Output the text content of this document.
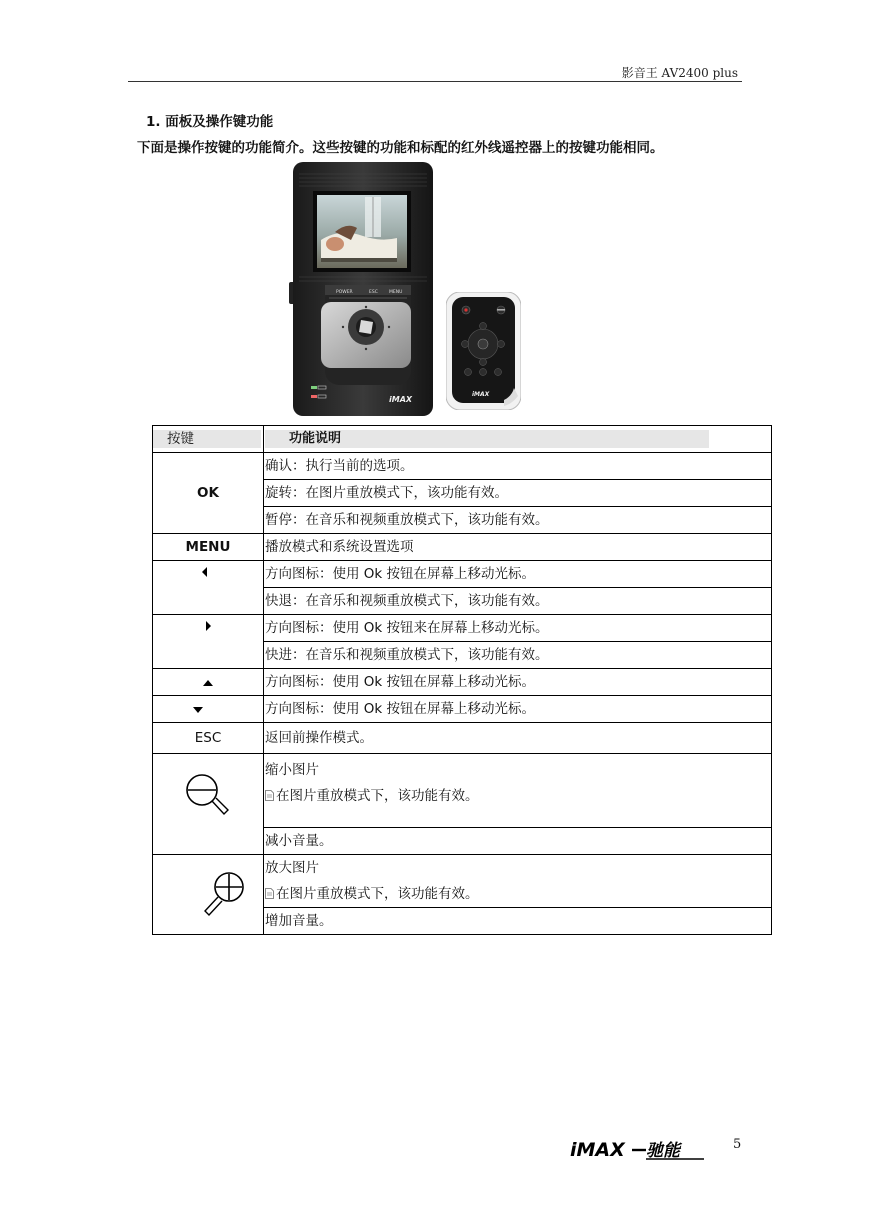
影音王 AV2400 plus
1. 面板及操作键功能
下面是操作按键的功能简介。这些按键的功能和标配的红外线遥控器上的按键功能相同。
POWER	ESC MENU
iMAX
iMAX
按键	功能说明

OK	确认：执行当前的选项。
	旋转：在图片重放模式下，该功能有效。
	暂停：在音乐和视频重放模式下，该功能有效。
MENU	播放模式和系统设置选项

	方向图标：使用 Ok 按钮在屏幕上移动光标。
	快退：在音乐和视频重放模式下，该功能有效。

	方向图标：使用 Ok 按钮来在屏幕上移动光标。
	快进：在音乐和视频重放模式下，该功能有效。
	方向图标：使用 Ok 按钮在屏幕上移动光标。
	方向图标：使用 Ok 按钮在屏幕上移动光标。
ESC	返回前操作模式。

缩小图片
在图片重放模式下，该功能有效。

	减小音量。

放大图片
在图片重放模式下，该功能有效。

	增加音量。
iMAX 驰能	5
